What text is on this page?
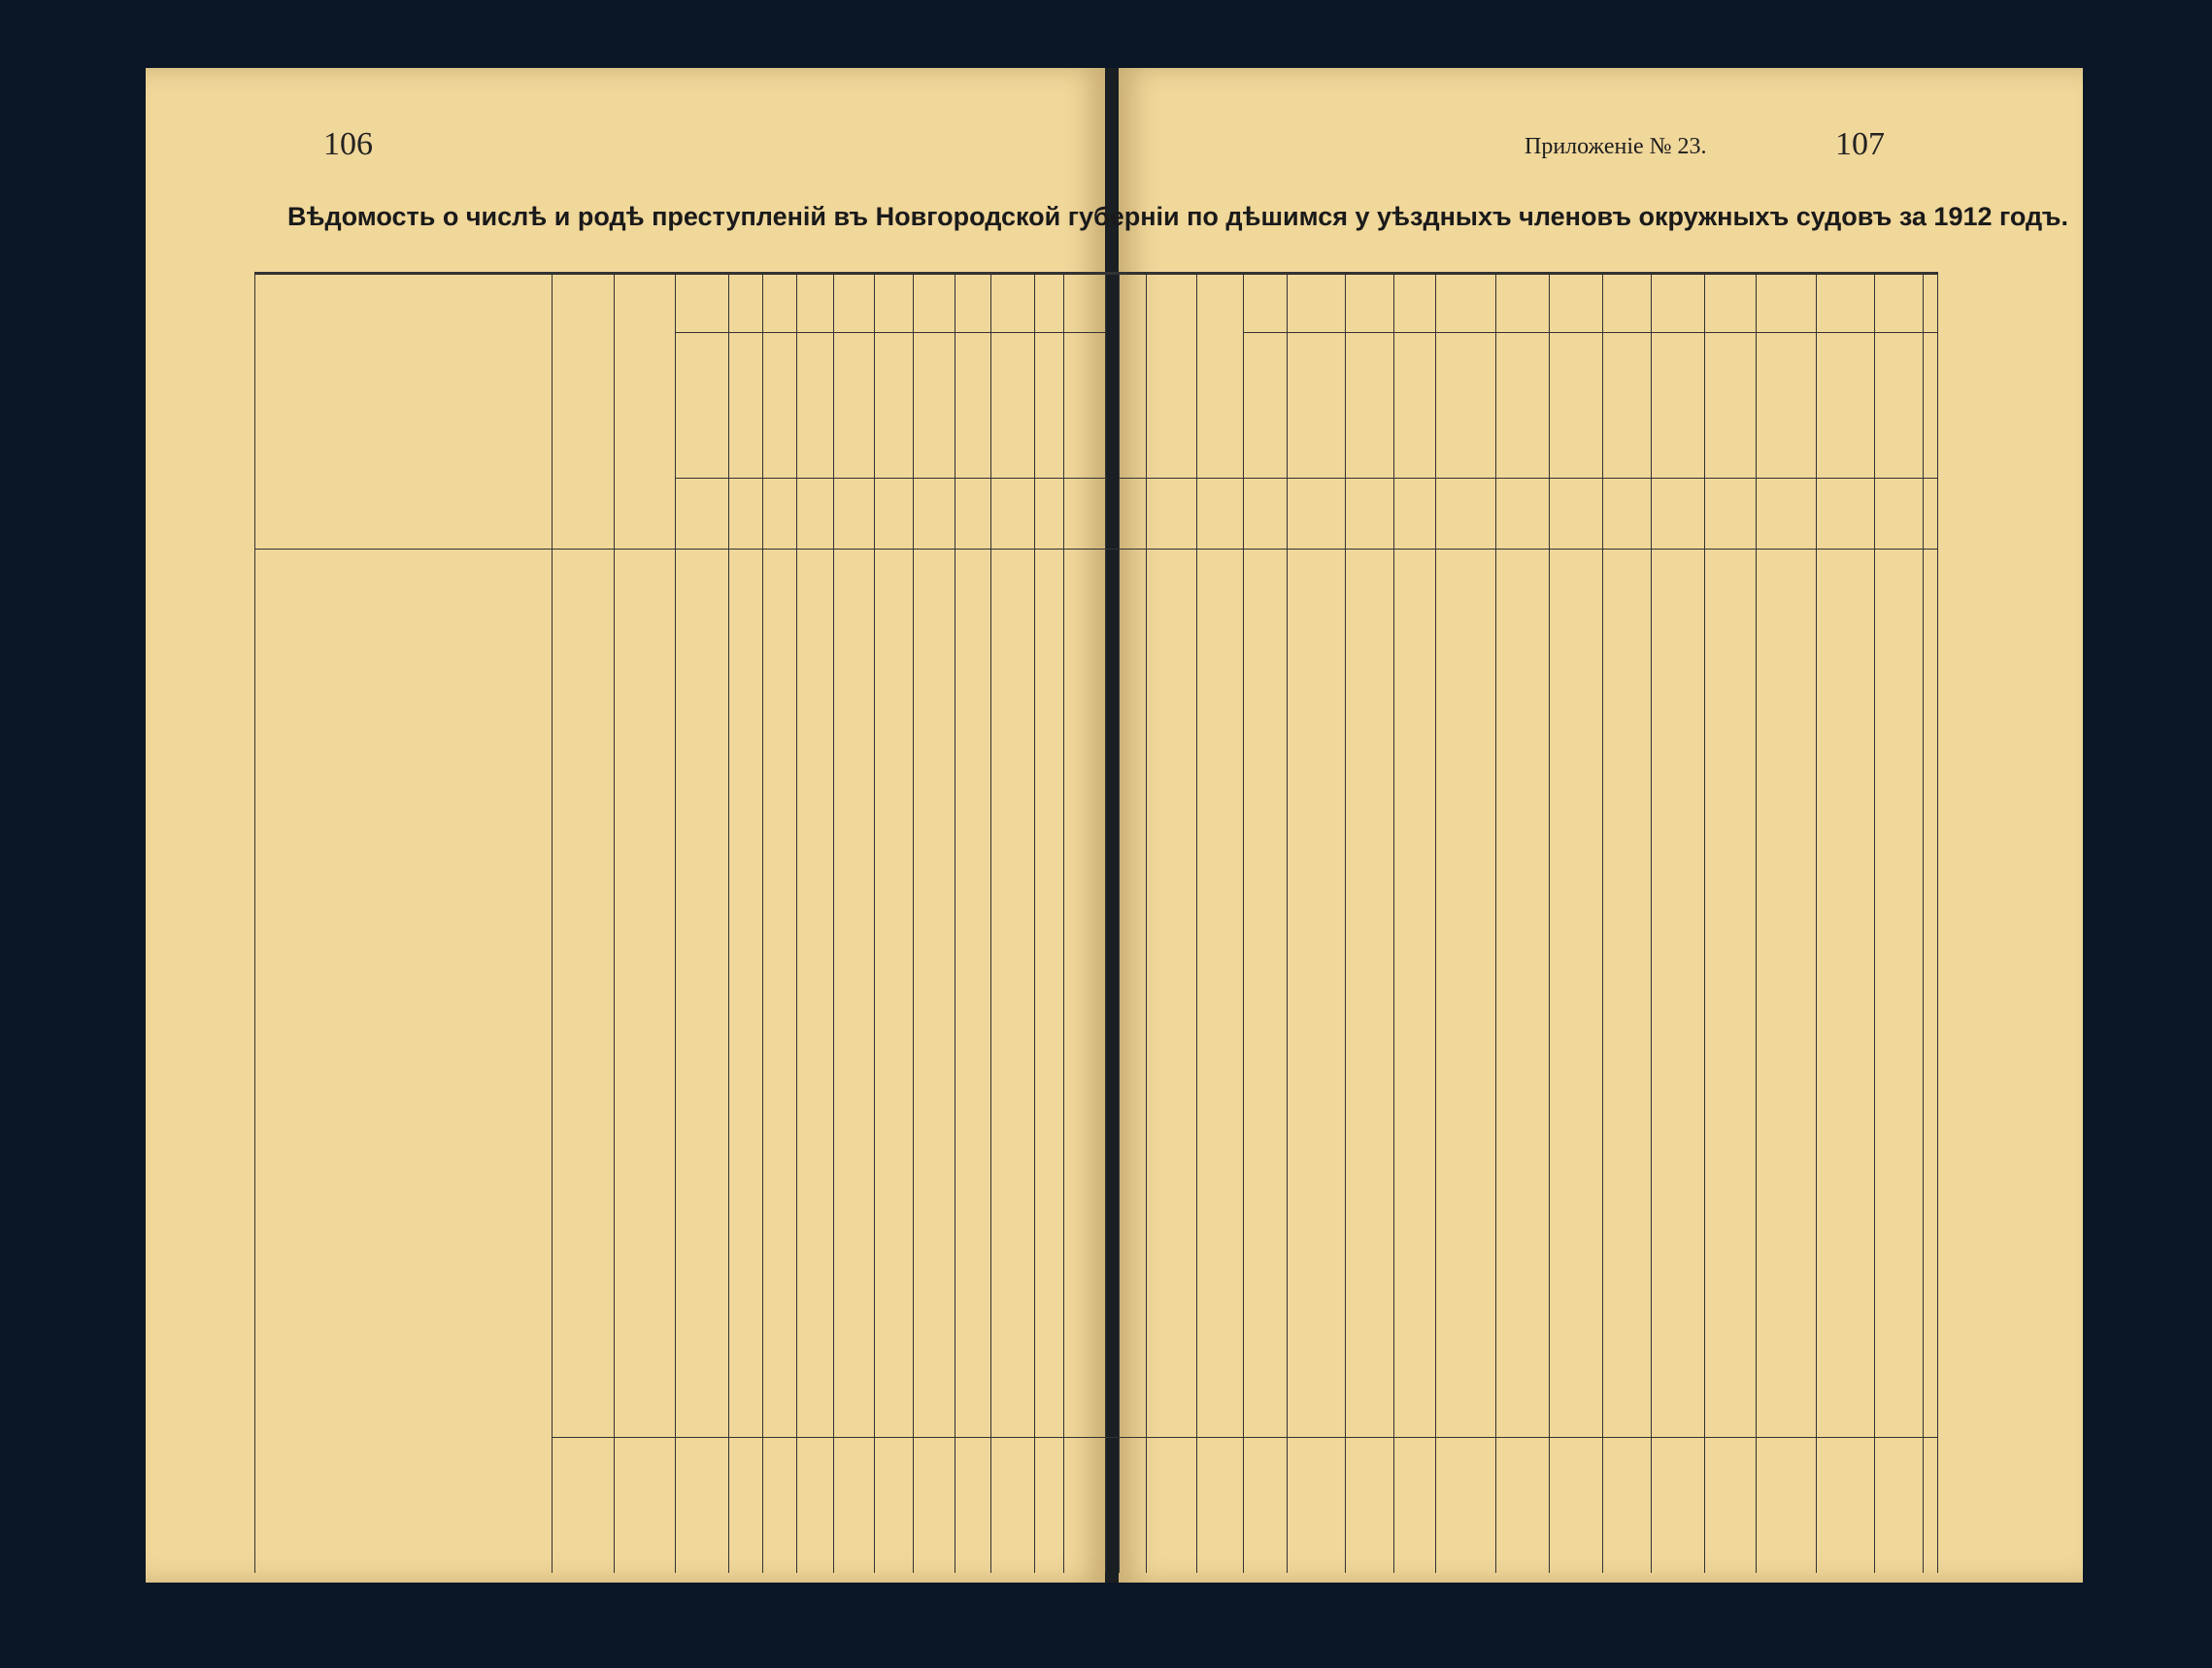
106	Приложеніе № 23.	107
Вѣдомость о числѣ и родѣ преступленій въ Новгородской губерніи по дѣшимся у уѣздныхъ членовъ окружныхъ судовъ за 1912 годъ.
